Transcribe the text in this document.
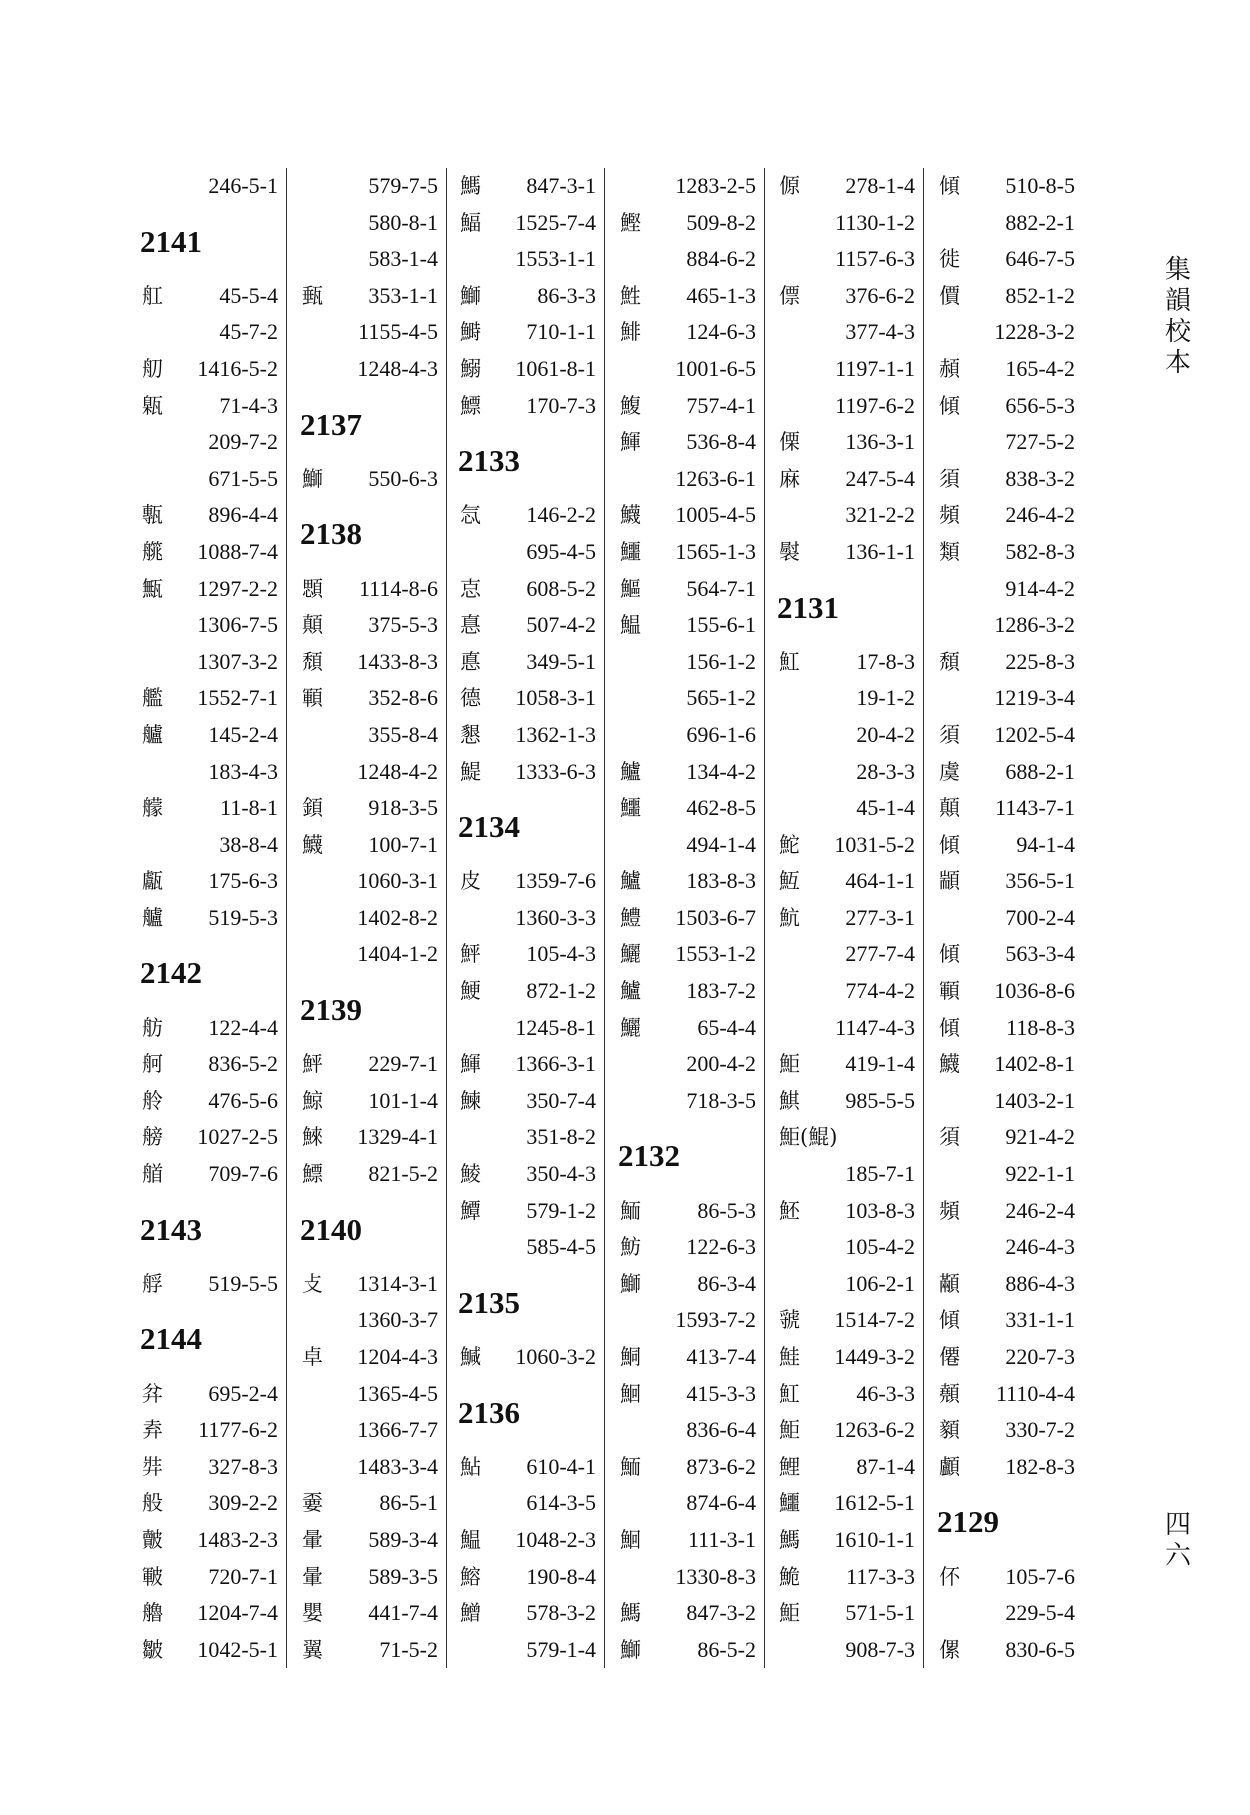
246-5-1
2141
舡	45-5-4
45-7-2
舠 1416-5-2
甈	71-4-3
209-7-2
671-5-5
甎 896-4-4
艞 1088-7-4
甒 1297-2-2
1306-7-5
1307-3-2
艦 1552-7-1
艫 145-2-4
183-4-3
艨	11-8-1
38-8-4
甗 175-6-3
艫 519-5-3
2142
舫 122-4-4
舸 836-5-2
舲 476-5-6
艕 1027-2-5
艏 709-7-6
2143
艀 519-5-5
2144
弅 695-2-4
弆 1177-6-2
弉 327-8-3
般 309-2-2
皾 1483-2-3
皸 720-7-1
艪 1204-7-4
皺 1042-5-1
579-7-5
580-8-1
583-1-4
甀 353-1-1
1155-4-5
1248-4-3
2137
鰤 550-6-3
2138
顋 1114-8-6
顛 375-5-3
頹 1433-8-3
顐 352-8-6
355-8-4
1248-4-2
顉 918-3-5
鱴 100-7-1
1060-3-1
1402-8-2
1404-1-2
2139
鮃 229-7-1
鯨 101-1-4
鯠 1329-4-1
鰾 821-5-2
2140
攴 1314-3-1
1360-3-7
卓 1204-4-3
1365-4-5
1366-7-7
1483-3-4
嫑	86-5-1
暈 589-3-4
暈 589-3-5
嬰 441-7-4
翼	71-5-2
鰢 847-3-1
鰏 1525-7-4
1553-1-1
鰤	86-3-3
鰣 710-1-1
鰯 1061-8-1
鰾 170-7-3
2133
忥 146-2-2
695-4-5
怘 608-5-2
惪 507-4-2
悳 349-5-1
德 1058-3-1
懇 1362-1-3
鯷 1333-6-3
2134
皮 1359-7-6
1360-3-3
鮃 105-4-3
鯁 872-1-2
1245-8-1
鯶 1366-3-1
鰊 350-7-4
351-8-2
鯪 350-4-3
鱏 579-1-2
585-4-5
2135
鰔 1060-3-2
2136
鮎 610-4-1
614-3-5
鰛 1048-2-3
鰫 190-8-4
鱛 578-3-2
579-1-4
1283-2-5
鰹 509-8-2
884-6-2
鮏 465-1-3
鯡 124-6-3
1001-6-5
鰒 757-4-1
鯶 536-8-4
1263-6-1
鱴 1005-4-5
鱷 1565-1-3
鰸 564-7-1
鰛 155-6-1
156-1-2
565-1-2
696-1-6
鱸 134-4-2
鱷 462-8-5
494-1-4
鱸 183-8-3
鱧 1503-6-7
鱺 1553-1-2
鱸 183-7-2
鱺	65-4-4
200-4-2
718-3-5
2132
鮞	86-5-3
魴 122-6-3
鰤	86-3-4
1593-7-2
鮦 413-7-4
鮰 415-3-3
836-6-4
鮞 873-6-2
874-6-4
鮰 111-3-1
1330-8-3
鰢 847-3-2
鰤	86-5-2
傆 278-1-4
1130-1-2
1157-6-3
僄 376-6-2
377-4-3
1197-1-1
1197-6-2
傈 136-3-1
麻 247-5-4
321-2-2
褽 136-1-1
2131
魟	17-8-3
19-1-2
20-4-2
28-3-3
45-1-4
鮀 1031-5-2
魱 464-1-1
魧 277-3-1
277-7-4
774-4-2
1147-4-3
鮔 419-1-4
鯕 985-5-5
鮔(鯤)
185-7-1
魾 103-8-3
105-4-2
106-2-1
虢 1514-7-2
鮭 1449-3-2
魟	46-3-3
鮔 1263-6-2
鯉	87-1-4
鱷 1612-5-1
鰢 1610-1-1
鮠 117-3-3
鮔 571-5-1
908-7-3
傾 510-8-5
882-2-1
徙 646-7-5
價 852-1-2
1228-3-2
頳 165-4-2
傾 656-5-3
727-5-2
須 838-3-2
頻 246-4-2
類 582-8-3
914-4-2
1286-3-2
頹 225-8-3
1219-3-4
須 1202-5-4
虞 688-2-1
顛 1143-7-1
傾	94-1-4
顓 356-5-1
700-2-4
傾 563-3-4
顐 1036-8-6
傾 118-8-3
鱴 1402-8-1
1403-2-1
須 921-4-2
922-1-1
頻 246-2-4
246-4-3
顢 886-4-3
傾 331-1-1
僊 220-7-3
顤 1110-4-4
顡 330-7-2
顱 182-8-3
2129
伓 105-7-6
229-5-4
傫 830-6-5
集韻校本
四六
